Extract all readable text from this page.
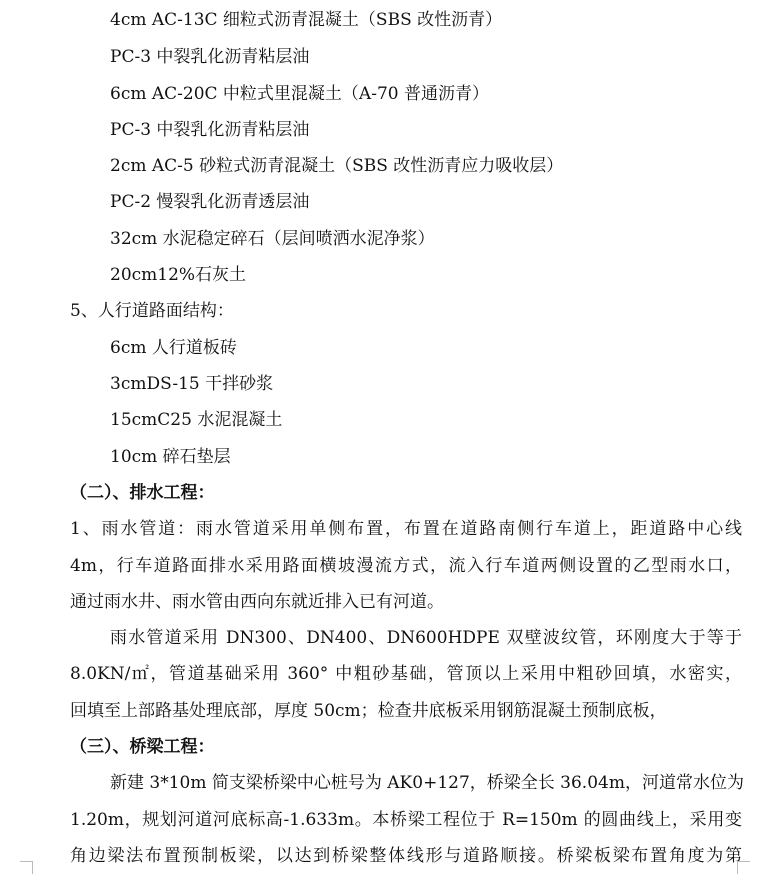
4cm AC-13C 细粒式沥青混凝土（SBS 改性沥青）
PC-3 中裂乳化沥青粘层油
6cm AC-20C 中粒式里混凝土（A-70 普通沥青）
PC-3 中裂乳化沥青粘层油
2cm AC-5 砂粒式沥青混凝土（SBS 改性沥青应力吸收层）
PC-2 慢裂乳化沥青透层油
32cm 水泥稳定碎石（层间喷洒水泥净浆）
20cm12%石灰土
5、人行道路面结构：
6cm 人行道板砖
3cmDS-15 干拌砂浆
15cmC25 水泥混凝土
10cm 碎石垫层
（二）、排水工程：
1、雨水管道：雨水管道采用单侧布置，布置在道路南侧行车道上，距道路中心线
4m，行车道路面排水采用路面横坡漫流方式，流入行车道两侧设置的乙型雨水口，
通过雨水井、雨水管由西向东就近排入已有河道。
雨水管道采用 DN300、DN400、DN600HDPE 双壁波纹管，环刚度大于等于
8.0KN/㎡，管道基础采用 360° 中粗砂基础，管顶以上采用中粗砂回填，水密实，
回填至上部路基处理底部，厚度 50cm；检查井底板采用钢筋混凝土预制底板，
（三）、桥梁工程：
新建 3*10m 简支梁桥梁中心桩号为 AK0+127，桥梁全长 36.04m，河道常水位为
1.20m，规划河道河底标高-1.633m。本桥梁工程位于 R=150m 的圆曲线上，采用变
角边梁法布置预制板梁，以达到桥梁整体线形与道路顺接。桥梁板梁布置角度为第
